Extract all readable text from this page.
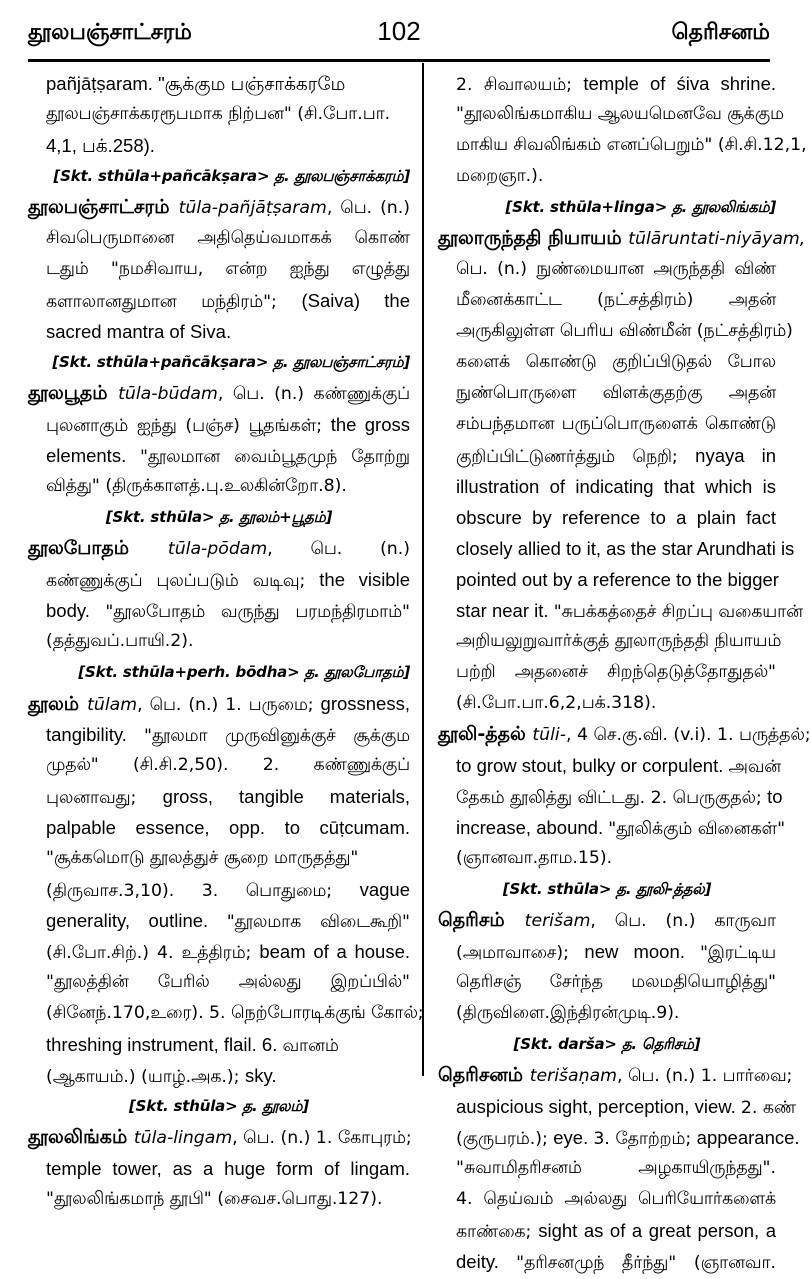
தூலபஞ்சாட்சரம்	102	தெரிசனம்
pañjāṭṣaram. "சூக்கும பஞ்சாக்கரமே
தூலபஞ்சாக்கரரூபமாக நிற்பன" (சி.போ.பா.
4,1, பக்.258).
[Skt. sthūla+pañcākṣara> த. தூலபஞ்சாக்கரம்]
தூலபஞ்சாட்சரம் tūla-pañjāṭṣaram, பெ. (n.)
சிவபெருமானை அதிதெய்வமாகக் கொண்
டதும் "நமசிவாய, என்ற ஐந்து எழுத்து
களாலானதுமான மந்திரம்"; (Saiva) the
sacred mantra of Siva.
[Skt. sthūla+pañcākṣara> த. தூலபஞ்சாட்சரம்]
தூலபூதம் tūla-būdam, பெ. (n.) கண்ணுக்குப்
புலனாகும் ஐந்து (பஞ்ச) பூதங்கள்; the gross
elements. "தூலமான வைம்பூதமுந் தோற்று
வித்து" (திருக்காளத்.பு.உலகின்றோ.8).
[Skt. sthūla> த. தூலம்+பூதம்]
தூலபோதம் tūla-pōdam, பெ. (n.)
கண்ணுக்குப் புலப்படும் வடிவு; the visible
body. "தூலபோதம் வருந்து பரமந்திரமாம்"
(தத்துவப்.பாயி.2).
[Skt. sthūla+perh. bōdha> த. தூலபோதம்]
தூலம் tūlam, பெ. (n.) 1. பருமை; grossness,
tangibility. "தூலமா முருவினுக்குச் சூக்கும
முதல்" (சி.சி.2,50). 2. கண்ணுக்குப்
புலனாவது; gross, tangible materials,
palpable essence, opp. to cūṭcumam.
"சூக்கமொடு தூலத்துச் சூறை மாருதத்து"
(திருவாச.3,10). 3. பொதுமை; vague
generality, outline. "தூலமாக விடைகூறி"
(சி.போ.சிற்.) 4. உத்திரம்; beam of a house.
"தூலத்தின் பேரில் அல்லது இறப்பில்"
(சினேந்.170,உரை). 5. நெற்போரடிக்குங் கோல்;
threshing instrument, flail. 6. வானம்
(ஆகாயம்.) (யாழ்.அக.); sky.
[Skt. sthūla> த. தூலம்]
தூலலிங்கம் tūla-lingam, பெ. (n.) 1. கோபுரம்;
temple tower, as a huge form of lingam.
"தூலலிங்கமாந் தூபி" (சைவச.பொது.127).
2. சிவாலயம்; temple of śiva shrine.
"தூலலிங்கமாகிய ஆலயமெனவே சூக்கும
மாகிய சிவலிங்கம் எனப்பெறும்" (சி.சி.12,1,
மறைஞா.).
[Skt. sthūla+linga> த. தூலலிங்கம்]
தூலாருந்ததி நியாயம் tūlāruntati-niyāyam,
பெ. (n.) நுண்மையான அருந்ததி விண்
மீனைக்காட்ட (நட்சத்திரம்) அதன்
அருகிலுள்ள பெரிய விண்மீன் (நட்சத்திரம்)
களைக் கொண்டு குறிப்பிடுதல் போல
நுண்பொருளை விளக்குதற்கு அதன்
சம்பந்தமான பருப்பொருளைக் கொண்டு
குறிப்பிட்டுணர்த்தும் நெறி; nyaya in
illustration of indicating that which is
obscure by reference to a plain fact
closely allied to it, as the star Arundhati is
pointed out by a reference to the bigger
star near it. "சுபக்கத்தைச் சிறப்பு வகையான்
அறியலுறுவார்க்குத் தூலாருந்ததி நியாயம்
பற்றி அதனைச் சிறந்தெடுத்தோதுதல்"
(சி.போ.பா.6,2,பக்.318).
தூலி-த்தல் tūli-, 4 செ.கு.வி. (v.i). 1. பருத்தல்;
to grow stout, bulky or corpulent. அவன்
தேகம் தூலித்து விட்டது. 2. பெருகுதல்; to
increase, abound. "தூலிக்கும் வினைகள்"
(ஞானவா.தாம.15).
[Skt. sthūla> த. தூலி-த்தல்]
தெரிசம் terišam, பெ. (n.) காருவா
(அமாவாசை); new moon. "இரட்டிய
தெரிசஞ் சேர்ந்த மலமதியொழித்து"
(திருவிளை.இந்திரன்முடி.9).
[Skt. darša> த. தெரிசம்]
தெரிசனம் terišaṇam, பெ. (n.) 1. பார்வை;
auspicious sight, perception, view. 2. கண்
(குருபரம்.); eye. 3. தோற்றம்; appearance.
"சுவாமிதரிசனம் அழகாயிருந்தது".
4. தெய்வம் அல்லது பெரியோர்களைக்
காண்கை; sight as of a great person, a
deity. "தரிசனமுந் தீர்ந்து" (ஞானவா.
